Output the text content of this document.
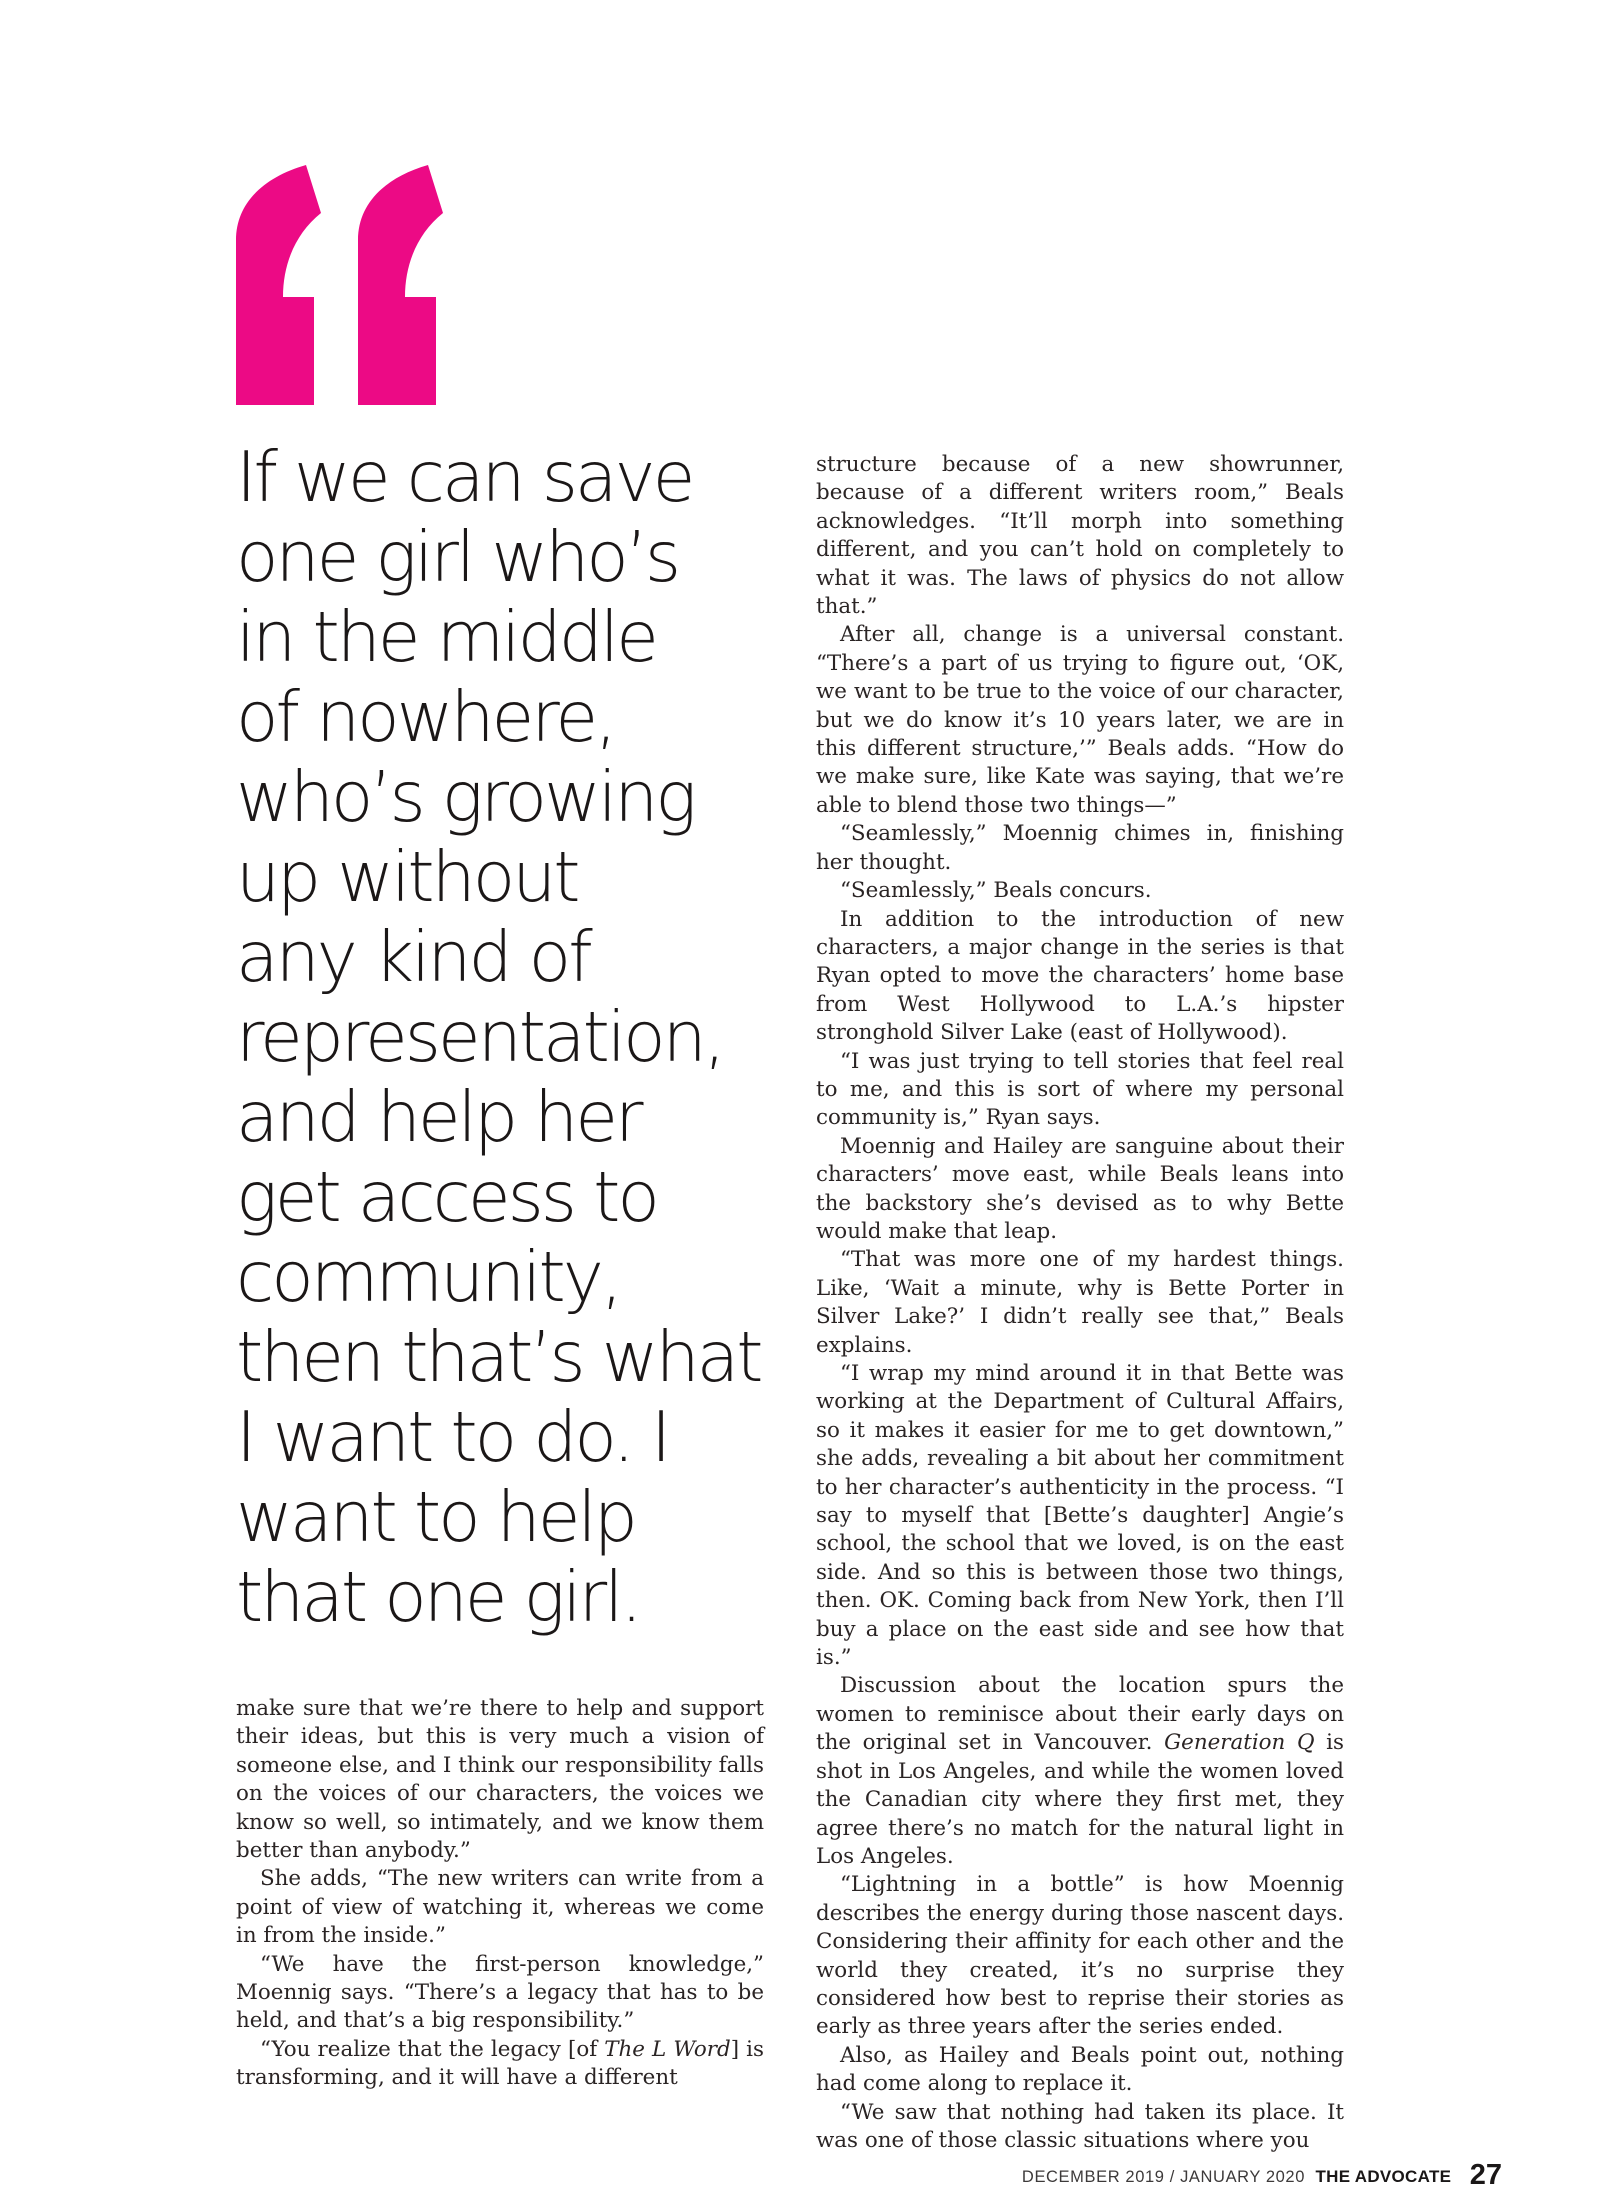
If we can save
one girl who’s
in the middle
of nowhere,
who’s growing
up without
any kind of
representation,
and help her
get access to
community,
then that’s what
I want to do. I
want to help
that one girl.

make sure that we’re there to help and support their ideas, but this is very much a vision of someone else, and I think our responsibility falls on the voices of our characters, the voices we know so well, so intimately, and we know them better than anybody.”

She adds, “The new writers can write from a point of view of watching it, whereas we come in from the inside.”

“We have the first-person knowledge,” Moennig says. “There’s a legacy that has to be held, and that’s a big responsibility.”

“You realize that the legacy [of The L Word] is transforming, and it will have a different

structure because of a new showrunner, because of a different writers room,” Beals acknowledges. “It’ll morph into something different, and you can’t hold on completely to what it was. The laws of physics do not allow that.”

After all, change is a universal constant. “There’s a part of us trying to figure out, ‘OK, we want to be true to the voice of our character, but we do know it’s 10 years later, we are in this different structure,’” Beals adds. “How do we make sure, like Kate was saying, that we’re able to blend those two things—”

“Seamlessly,” Moennig chimes in, finishing her thought.

“Seamlessly,” Beals concurs.

In addition to the introduction of new characters, a major change in the series is that Ryan opted to move the characters’ home base from West Hollywood to L.A.’s hipster stronghold Silver Lake (east of Hollywood).

“I was just trying to tell stories that feel real to me, and this is sort of where my personal community is,” Ryan says.

Moennig and Hailey are sanguine about their characters’ move east, while Beals leans into the backstory she’s devised as to why Bette would make that leap.

“That was more one of my hardest things. Like, ‘Wait a minute, why is Bette Porter in Silver Lake?’ I didn’t really see that,” Beals explains.

“I wrap my mind around it in that Bette was working at the Department of Cultural Affairs, so it makes it easier for me to get downtown,” she adds, revealing a bit about her commitment to her character’s authenticity in the process. “I say to myself that [Bette’s daughter] Angie’s school, the school that we loved, is on the east side. And so this is between those two things, then. OK. Coming back from New York, then I’ll buy a place on the east side and see how that is.”

Discussion about the location spurs the women to reminisce about their early days on the original set in Vancouver. Generation Q is shot in Los Angeles, and while the women loved the Canadian city where they first met, they agree there’s no match for the natural light in Los Angeles.

“Lightning in a bottle” is how Moennig describes the energy during those nascent days. Considering their affinity for each other and the world they created, it’s no surprise they considered how best to reprise their stories as early as three years after the series ended.

Also, as Hailey and Beals point out, nothing had come along to replace it.

“We saw that nothing had taken its place. It was one of those classic situations where you

DECEMBER 2019 / JANUARY 2020 THE ADVOCATE 27
